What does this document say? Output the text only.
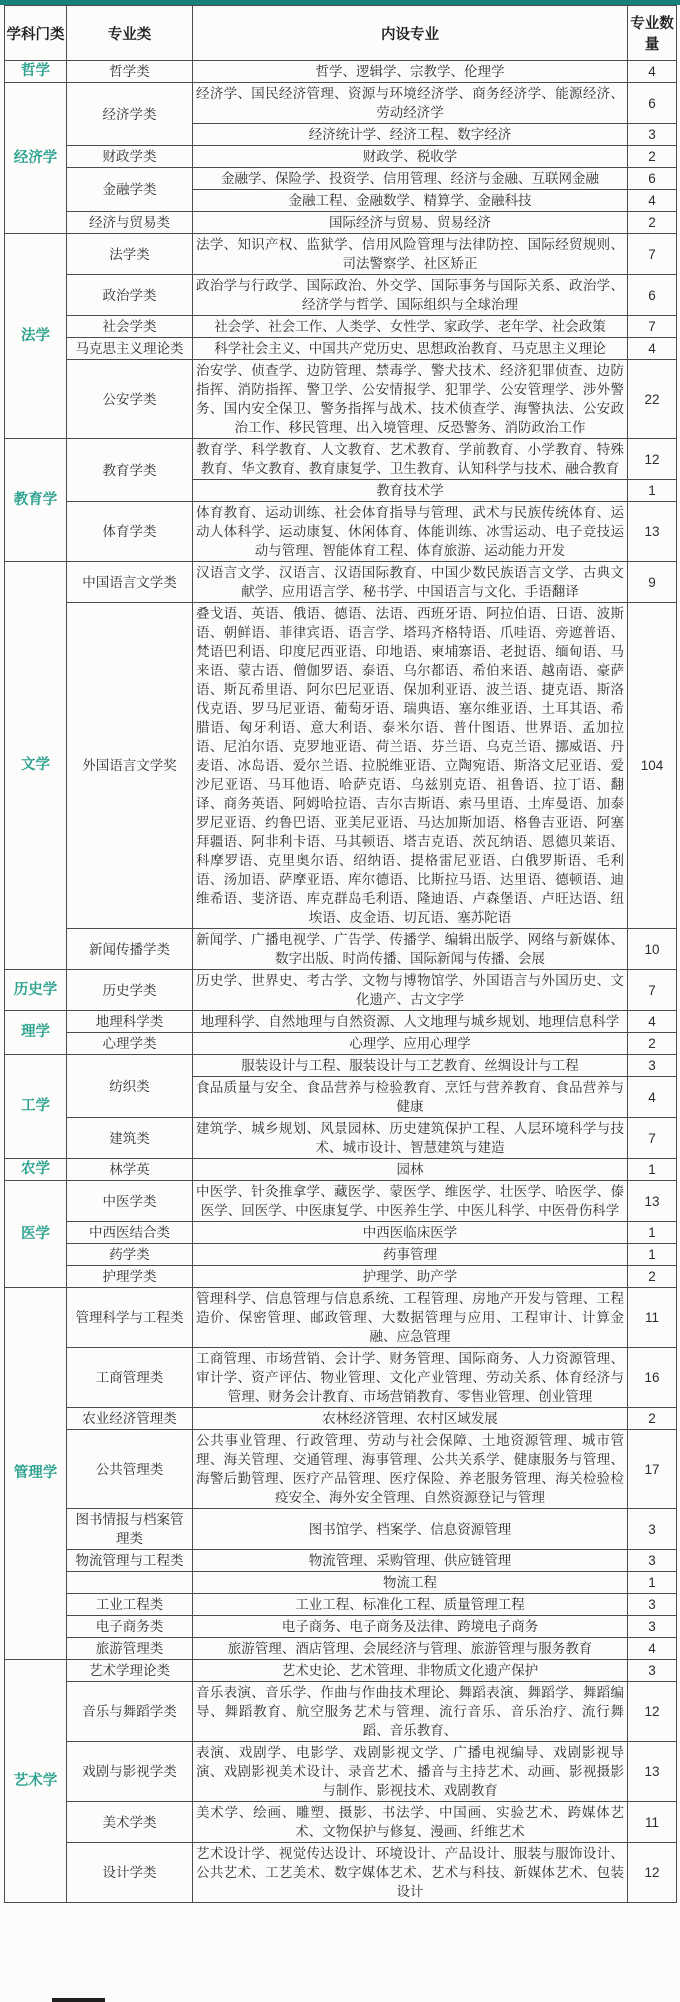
学科门类	专业类	内设专业	专业数量
哲学	哲学类	哲学、逻辑学、宗教学、伦理学	4
经济学	经济学类	经济学、国民经济管理、资源与环境经济学、商务经济学、能源经济、劳动经济学	6
		经济统计学、经济工程、数字经济	3
	财政学类	财政学、税收学	2
	金融学类	金融学、保险学、投资学、信用管理、经济与金融、互联网金融	6
		金融工程、金融数学、精算学、金融科技	4
	经济与贸易类	国际经济与贸易、贸易经济	2
法学	法学类	法学、知识产权、监狱学、信用风险管理与法律防控、国际经贸规则、司法警察学、社区矫正	7
	政治学类	政治学与行政学、国际政治、外交学、国际事务与国际关系、政治学、经济学与哲学、国际组织与全球治理	6
	社会学类	社会学、社会工作、人类学、女性学、家政学、老年学、社会政策	7
	马克思主义理论类	科学社会主义、中国共产党历史、思想政治教育、马克思主义理论	4
	公安学类	治安学、侦查学、边防管理、禁毒学、警犬技术、经济犯罪侦查、边防指挥、消防指挥、警卫学、公安情报学、犯罪学、公安管理学、涉外警务、国内安全保卫、警务指挥与战术、技术侦查学、海警执法、公安政治工作、移民管理、出入境管理、反恐警务、消防政治工作	22
教育学	教育学类	教育学、科学教育、人文教育、艺术教育、学前教育、小学教育、特殊教育、华文教育、教育康复学、卫生教育、认知科学与技术、融合教育	12
		教育技术学	1
	体育学类	体育教育、运动训练、社会体育指导与管理、武术与民族传统体育、运动人体科学、运动康复、休闲体育、体能训练、冰雪运动、电子竞技运动与管理、智能体育工程、体育旅游、运动能力开发	13
文学	中国语言文学类	汉语言文学、汉语言、汉语国际教育、中国少数民族语言文学、古典文献学、应用语言学、秘书学、中国语言与文化、手语翻译	9
	外国语言文学奖	叠戈语、英语、俄语、德语、法语、西班牙语、阿拉伯语、日语、波斯语、朝鲜语、菲律宾语、语言学、塔玛齐格特语、爪哇语、旁遮普语、梵语巴利语、印度尼西亚语、印地语、柬埔寨语、老挝语、缅甸语、马来语、蒙古语、僧伽罗语、泰语、乌尔都语、希伯来语、越南语、豪萨语、斯瓦希里语、阿尔巴尼亚语、保加利亚语、波兰语、捷克语、斯洛伐克语、罗马尼亚语、葡萄牙语、瑞典语、塞尔维亚语、土耳其语、希腊语、匈牙利语、意大利语、泰米尔语、普什图语、世界语、孟加拉语、尼泊尔语、克罗地亚语、荷兰语、芬兰语、乌克兰语、挪威语、丹麦语、冰岛语、爱尔兰语、拉脱维亚语、立陶宛语、斯洛文尼亚语、爱沙尼亚语、马耳他语、哈萨克语、乌兹别克语、祖鲁语、拉丁语、翻译、商务英语、阿姆哈拉语、吉尔吉斯语、索马里语、土库曼语、加泰罗尼亚语、约鲁巴语、亚美尼亚语、马达加斯加语、格鲁吉亚语、阿塞拜疆语、阿非利卡语、马其顿语、塔吉克语、茨瓦纳语、恩德贝莱语、科摩罗语、克里奥尔语、绍纳语、提格雷尼亚语、白俄罗斯语、毛利语、汤加语、萨摩亚语、库尔德语、比斯拉马语、达里语、德顿语、迪维希语、斐济语、库克群岛毛利语、隆迪语、卢森堡语、卢旺达语、纽埃语、皮金语、切瓦语、塞苏陀语	104
	新闻传播学类	新闻学、广播电视学、广告学、传播学、编辑出版学、网络与新媒体、数字出版、时尚传播、国际新闻与传播、会展	10
历史学	历史学类	历史学、世界史、考古学、文物与博物馆学、外国语言与外国历史、文化遗产、古文字学	7
理学	地理科学类	地理科学、自然地理与自然资源、人文地理与城乡规划、地理信息科学	4
	心理学类	心理学、应用心理学	2
工学	纺织类	服装设计与工程、服装设计与工艺教育、丝绸设计与工程	3
		食品质量与安全、食品营养与检验教育、烹饪与营养教育、食品营养与健康	4
	建筑类	建筑学、城乡规划、风景园林、历史建筑保护工程、人层环境科学与技术、城市设计、智慧建筑与建造	7
农学	林学英	园林	1
医学	中医学类	中医学、针灸推拿学、藏医学、蒙医学、维医学、壮医学、哈医学、傣医学、回医学、中医康复学、中医养生学、中医儿科学、中医骨伤科学	13
	中西医结合类	中西医临床医学	1
	药学类	药事管理	1
	护理学类	护理学、助产学	2
管理学	管理科学与工程类	管理科学、信息管理与信息系统、工程管理、房地产开发与管理、工程造价、保密管理、邮政管理、大数据管理与应用、工程审计、计算金融、应急管理	11
	工商管理类	工商管理、市场营销、会计学、财务管理、国际商务、人力资源管理、审计学、资产评估、物业管理、文化产业管理、劳动关系、体育经济与管理、财务会计教育、市场营销教育、零售业管理、创业管理	16
	农业经济管理类	农林经济管理、农村区域发展	2
	公共管理类	公共事业管理、行政管理、劳动与社会保障、土地资源管理、城市管理、海关管理、交通管理、海事管理、公共关系学、健康服务与管理、海警后勤管理、医疗产品管理、医疗保险、养老服务管理、海关检验检疫安全、海外安全管理、自然资源登记与管理	17
	图书情报与档案管理类	图书馆学、档案学、信息资源管理	3
	物流管理与工程类	物流管理、采购管理、供应链管理	3
		物流工程	1
	工业工程类	工业工程、标准化工程、质量管理工程	3
	电子商务类	电子商务、电子商务及法律、跨境电子商务	3
	旅游管理类	旅游管理、酒店管理、会展经济与管理、旅游管理与服务教育	4
艺术学	艺术学理论类	艺术史论、艺术管理、非物质文化遗产保护	3
	音乐与舞蹈学类	音乐表演、音乐学、作曲与作曲技术理论、舞蹈表演、舞蹈学、舞蹈编导、舞蹈教育、航空服务艺术与管理、流行音乐、音乐治疗、流行舞蹈、音乐教育、	12
	戏剧与影视学类	表演、戏剧学、电影学、戏剧影视文学、广播电视编导、戏剧影视导演、戏剧影视美术设计、录音艺术、播音与主持艺术、动画、影视摄影与制作、影视技术、戏剧教育	13
	美术学类	美术学、绘画、雕塑、摄影、书法学、中国画、实验艺术、跨媒体艺术、文物保护与修复、漫画、纤维艺术	11
	设计学类	艺术设计学、视觉传达设计、环境设计、产品设计、服装与服饰设计、公共艺术、工艺美术、数字媒体艺术、艺术与科技、新媒体艺术、包装设计	12
